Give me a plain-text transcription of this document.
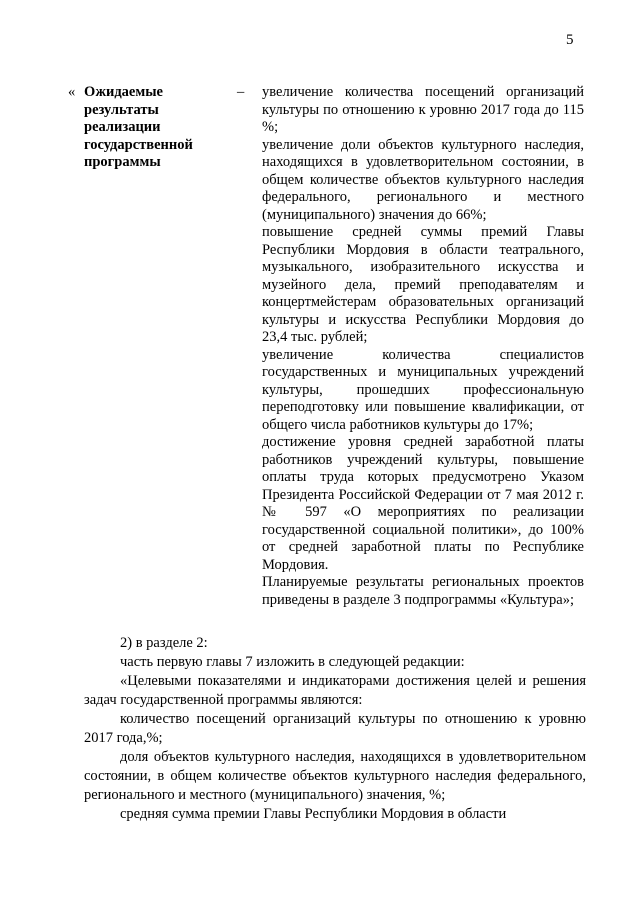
5
« Ожидаемые
результаты
реализации
государственной
программы
– увеличение количества посещений организаций культуры по отношению к уровню 2017 года до 115 %;

увеличение доли объектов культурного наследия, находящихся в удовлетворительном состоянии, в общем количестве объектов культурного наследия федерального, регионального и местного (муниципального) значения до 66%;

повышение средней суммы премий Главы Республики Мордовия в области театрального, музыкального, изобразительного искусства и музейного дела, премий преподавателям и концертмейстерам образовательных организаций культуры и искусства Республики Мордовия до 23,4 тыс. рублей;

увеличение количества специалистов государственных и муниципальных учреждений культуры, прошедших профессиональную переподготовку или повышение квалификации, от общего числа работников культуры до 17%;

достижение уровня средней заработной платы работников учреждений культуры, повышение оплаты труда которых предусмотрено Указом Президента Российской Федерации от 7 мая 2012 г. № 597 «О мероприятиях по реализации государственной социальной политики», до 100% от средней заработной платы по Республике Мордовия.

Планируемые результаты региональных проектов приведены в разделе 3 подпрограммы «Культура»;

2) в разделе 2:

часть первую главы 7 изложить в следующей редакции:

«Целевыми показателями и индикаторами достижения целей и решения задач государственной программы являются:

количество посещений организаций культуры по отношению к уровню 2017 года,%;

доля объектов культурного наследия, находящихся в удовлетворительном состоянии, в общем количестве объектов культурного наследия федерального, регионального и местного (муниципального) значения, %;

средняя сумма премии Главы Республики Мордовия в области
